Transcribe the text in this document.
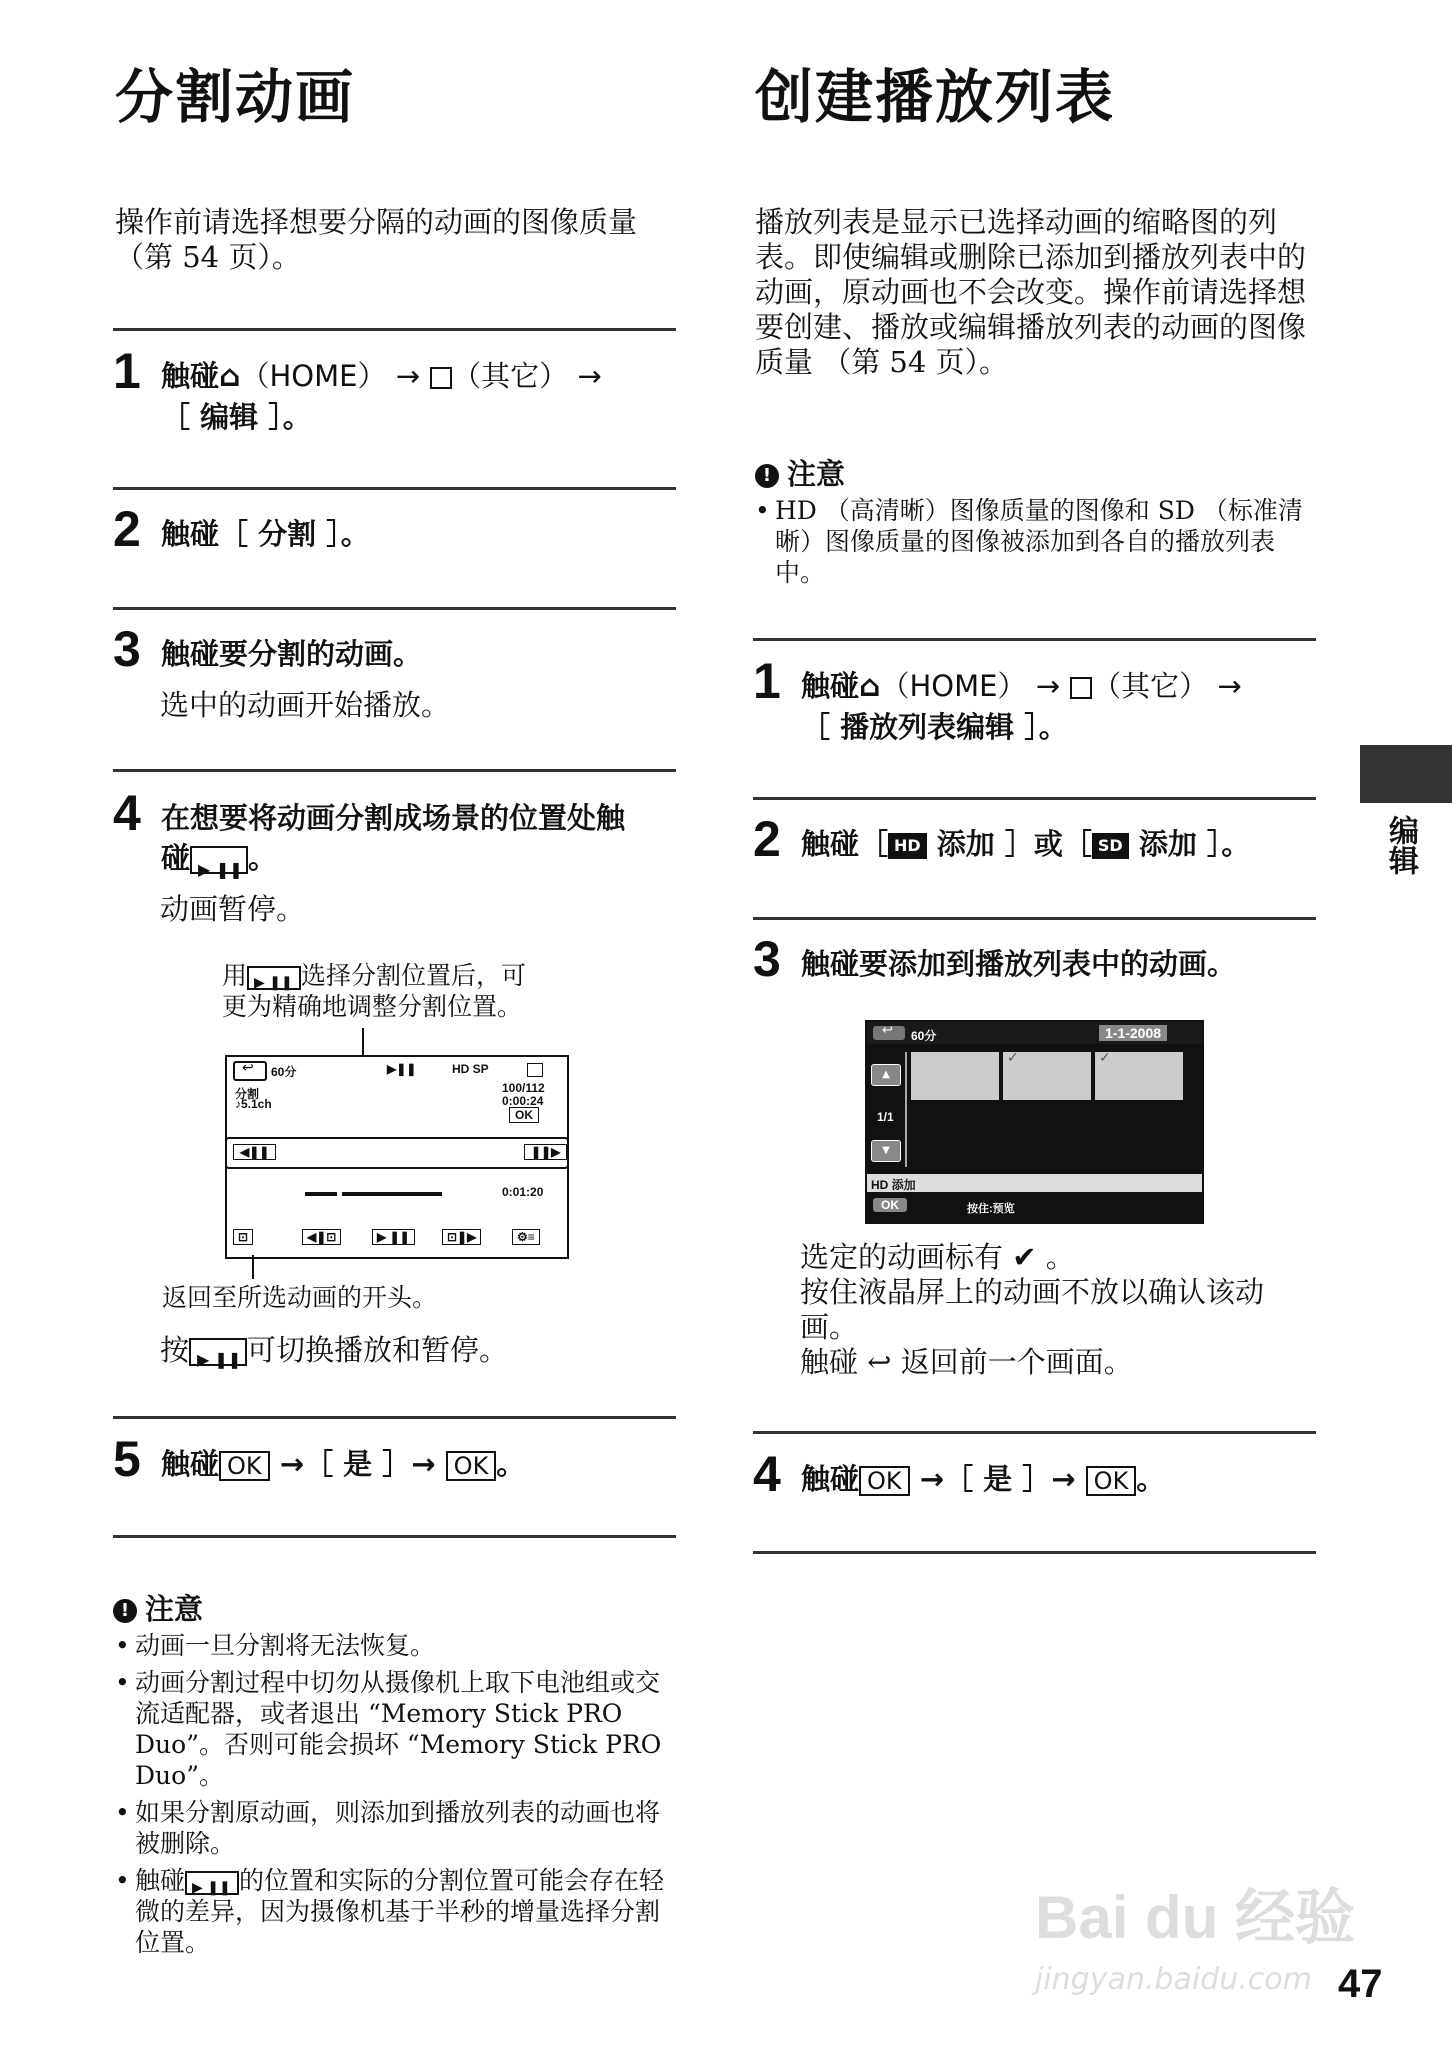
分割动画
操作前请选择想要分隔的动画的图像质量 （第 54 页）。
1 触碰⌂（HOME） → （其它） →
［ 编辑 ］。
2 触碰［ 分割 ］。
3 触碰要分割的动画。
选中的动画开始播放。
4 在想要将动画分割成场景的位置处触
碰 ▶ ❚❚ 。
动画暂停。
用 ▶ ❚❚ 选择分割位置后，可
更为精确地调整分割位置。
↩ 60分	▶❚❚	HD SP
分割
♪5.1ch
100/112
0:00:24
OK
◀❚❚	❚❚▶
0:01:20
⊡	◀❚⊡	▶ ❚❚	⊡❚▶	⚙≡
返回至所选动画的开头。
按 ▶ ❚❚ 可切换播放和暂停。
5 触碰 OK →［ 是 ］→ OK 。
! 注意
• 动画一旦分割将无法恢复。
• 动画分割过程中切勿从摄像机上取下电池组或交流适配器，或者退出 “Memory Stick PRO Duo”。否则可能会损坏 “Memory Stick PRO Duo”。
• 如果分割原动画，则添加到播放列表的动画也将被删除。
• 触碰 ▶ ❚❚ 的位置和实际的分割位置可能会存在轻微的差异，因为摄像机基于半秒的增量选择分割位置。
创建播放列表
播放列表是显示已选择动画的缩略图的列表。即使编辑或删除已添加到播放列表中的动画，原动画也不会改变。操作前请选择想要创建、播放或编辑播放列表的动画的图像质量 （第 54 页）。
! 注意
• HD （高清晰）图像质量的图像和 SD （标准清晰）图像质量的图像被添加到各自的播放列表中。
1 触碰⌂（HOME） → （其它） →
［ 播放列表编辑 ］。
2 触碰［ HD 添加 ］或［ SD 添加 ］。
3 触碰要添加到播放列表中的动画。
↩ 60分	1-1-2008
▲
1/1
▼
✓	✓
HD 添加
OK	按住:预览
选定的动画标有 ✔ 。
按住液晶屏上的动画不放以确认该动画。
触碰 ↩ 返回前一个画面。
4 触碰 OK →［ 是 ］→ OK 。
编辑
Bai du 经验
jingyan.baidu.com 47
